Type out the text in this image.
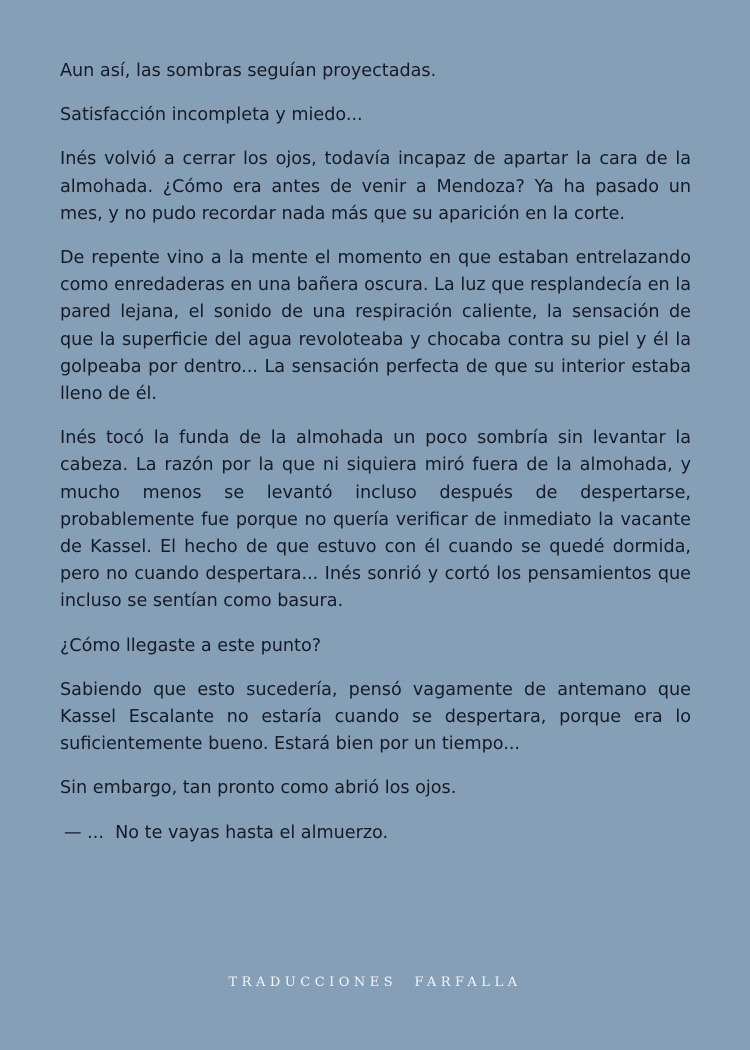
Aun así, las sombras seguían proyectadas.

Satisfacción incompleta y miedo...

Inés volvió a cerrar los ojos, todavía incapaz de apartar la cara de la almohada. ¿Cómo era antes de venir a Mendoza? Ya ha pasado un mes, y no pudo recordar nada más que su aparición en la corte.

De repente vino a la mente el momento en que estaban entrelazando como enredaderas en una bañera oscura. La luz que resplandecía en la pared lejana, el sonido de una respiración caliente, la sensación de que la superficie del agua revoloteaba y chocaba contra su piel y él la golpeaba por dentro... La sensación perfecta de que su interior estaba lleno de él.

Inés tocó la funda de la almohada un poco sombría sin levantar la cabeza. La razón por la que ni siquiera miró fuera de la almohada, y mucho menos se levantó incluso después de despertarse, probablemente fue porque no quería verificar de inmediato la vacante de Kassel. El hecho de que estuvo con él cuando se quedé dormida, pero no cuando despertara... Inés sonrió y cortó los pensamientos que incluso se sentían como basura.

¿Cómo llegaste a este punto?

Sabiendo que esto sucedería, pensó vagamente de antemano que Kassel Escalante no estaría cuando se despertara, porque era lo suficientemente bueno. Estará bien por un tiempo...

Sin embargo, tan pronto como abrió los ojos.

— ...  No te vayas hasta el almuerzo.

TRADUCCIONES  FARFALLA
